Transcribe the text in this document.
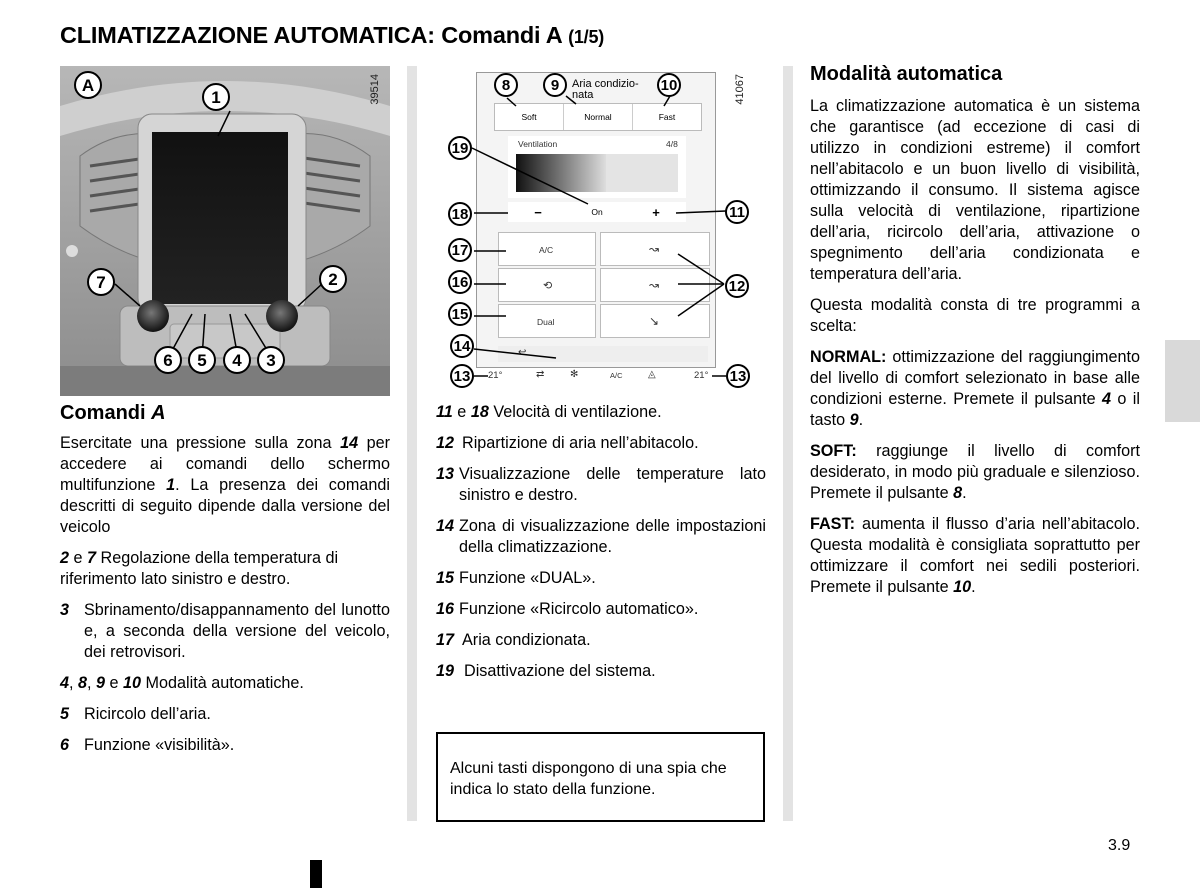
CLIMATIZZAZIONE AUTOMATICA: Comandi A (1/5)
39514
A
1
2
3
4
5
6
7
Soft	Normal	Fast
Aria condizio-
nata
Ventilation	4/8
−	On	+
A/C
⟲
Dual
↝
↝
↘
↩
21°	⇄	✻	A/C	◬	21°
41067
8	9	10
11
12
13	13
14
15
16
17
18
19
Comandi A

Esercitate una pressione sulla zona 14 per accedere ai comandi dello schermo multifunzione 1. La presenza dei comandi descritti di seguito dipende dalla versione del veicolo

2 e 7 Regolazione della temperatura di riferimento lato sinistro e destro.

3 Sbrinamento/disappannamento del lunotto e, a seconda della versione del veicolo, dei retrovisori.

4, 8, 9 e 10 Modalità automatiche.

5 Ricircolo dell’aria.

6 Funzione «visibilità».

11 e 18 Velocità di ventilazione.

12 Ripartizione di aria nell’abitacolo.

13 Visualizzazione delle temperature lato sinistro e destro.

14 Zona di visualizzazione delle impostazioni della climatizzazione.

15 Funzione «DUAL».

16 Funzione «Ricircolo automatico».

17 Aria condizionata.

19 Disattivazione del sistema.

Alcuni tasti dispongono di una spia che indica lo stato della funzione.
Modalità automatica

La climatizzazione automatica è un sistema che garantisce (ad eccezione di casi di utilizzo in condizioni estreme) il comfort nell’abitacolo e un buon livello di visibilità, ottimizzando il consumo. Il sistema agisce sulla velocità di ventilazione, ripartizione dell’aria, ricircolo dell’aria, attivazione o spegnimento dell’aria condizionata e temperatura dell’aria.

Questa modalità consta di tre programmi a scelta:

NORMAL: ottimizzazione del raggiungimento del livello di comfort selezionato in base alle condizioni esterne. Premete il pulsante 4 o il tasto 9.

SOFT: raggiunge il livello di comfort desiderato, in modo più graduale e silenzioso. Premete il pulsante 8.

FAST: aumenta il flusso d’aria nell’abitacolo. Questa modalità è consigliata soprattutto per ottimizzare il comfort nei sedili posteriori. Premete il pulsante 10.

3.9
